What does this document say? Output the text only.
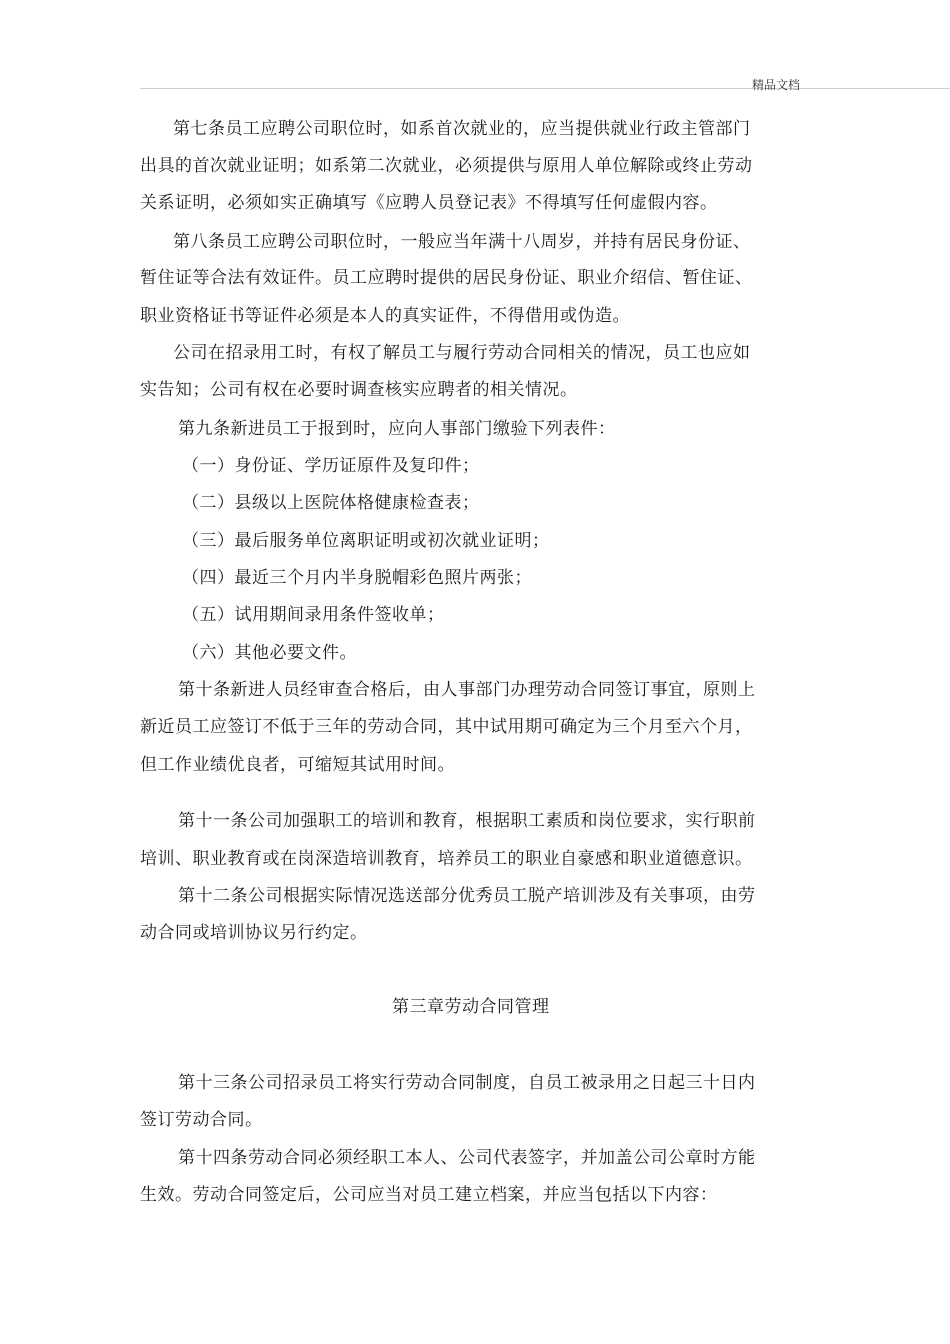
精品文档
第七条员工应聘公司职位时，如系首次就业的，应当提供就业行政主管部门
出具的首次就业证明；如系第二次就业，必须提供与原用人单位解除或终止劳动
关系证明，必须如实正确填写《应聘人员登记表》不得填写任何虚假内容。
第八条员工应聘公司职位时，一般应当年满十八周岁，并持有居民身份证、
暂住证等合法有效证件。员工应聘时提供的居民身份证、职业介绍信、暂住证、
职业资格证书等证件必须是本人的真实证件，不得借用或伪造。
公司在招录用工时，有权了解员工与履行劳动合同相关的情况，员工也应如
实告知；公司有权在必要时调查核实应聘者的相关情况。
第九条新进员工于报到时，应向人事部门缴验下列表件：
（一）身份证、学历证原件及复印件；
（二）县级以上医院体格健康检查表；
（三）最后服务单位离职证明或初次就业证明；
（四）最近三个月内半身脱帽彩色照片两张；
（五）试用期间录用条件签收单；
（六）其他必要文件。
第十条新进人员经审查合格后，由人事部门办理劳动合同签订事宜，原则上
新近员工应签订不低于三年的劳动合同，其中试用期可确定为三个月至六个月，
但工作业绩优良者，可缩短其试用时间。
第十一条公司加强职工的培训和教育，根据职工素质和岗位要求，实行职前
培训、职业教育或在岗深造培训教育，培养员工的职业自豪感和职业道德意识。
第十二条公司根据实际情况选送部分优秀员工脱产培训涉及有关事项，由劳
动合同或培训协议另行约定。
第三章劳动合同管理
第十三条公司招录员工将实行劳动合同制度，自员工被录用之日起三十日内
签订劳动合同。
第十四条劳动合同必须经职工本人、公司代表签字，并加盖公司公章时方能
生效。劳动合同签定后，公司应当对员工建立档案，并应当包括以下内容：
